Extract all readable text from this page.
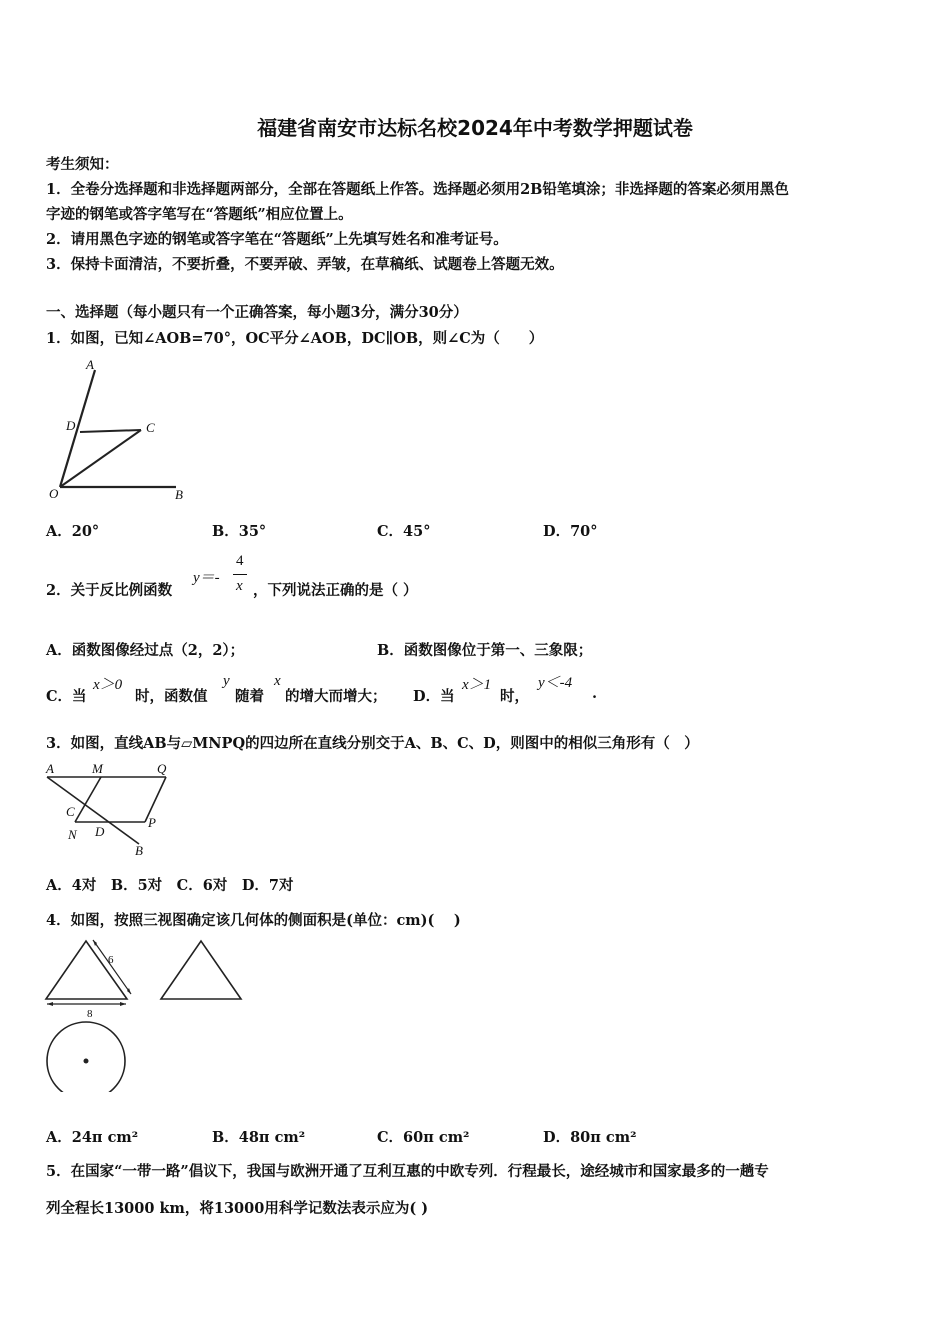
福建省南安市达标名校2024年中考数学押题试卷
考生须知：
1．全卷分选择题和非选择题两部分，全部在答题纸上作答。选择题必须用2B铅笔填涂；非选择题的答案必须用黑色
字迹的钢笔或答字笔写在“答题纸”相应位置上。
2．请用黑色字迹的钢笔或答字笔在“答题纸”上先填写姓名和准考证号。
3．保持卡面清洁，不要折叠，不要弄破、弄皱，在草稿纸、试题卷上答题无效。
一、选择题（每小题只有一个正确答案，每小题3分，满分30分）
1．如图，已知∠AOB=70°，OC平分∠AOB，DC∥OB，则∠C为（　　）
A
D	C
O	B
A．20°	B．35°	C．45°	D．70°
2．关于反比例函数
y＝-
4
x ，下列说法正确的是（ ）
A．函数图像经过点（2，2）；	B．函数图像位于第一、三象限；
C．当
x＞0
时，函数值
y
随着
x
的增大而增大； D．当
x＞1
时，
y＜-4
.
3．如图，直线AB与▱MNPQ的四边所在直线分别交于A、B、C、D，则图中的相似三角形有（　）
A	M	Q
C
N D
P
B
A．4对　B．5对　C．6对　D．7对
4．如图，按照三视图确定该几何体的侧面积是(单位：cm)(　 )
6
8
A．24π cm²	B．48π cm²	C．60π cm²	D．80π cm²
5．在国家“一带一路”倡议下，我国与欧洲开通了互利互惠的中欧专列．行程最长，途经城市和国家最多的一趟专
列全程长13000 km，将13000用科学记数法表示应为( )
